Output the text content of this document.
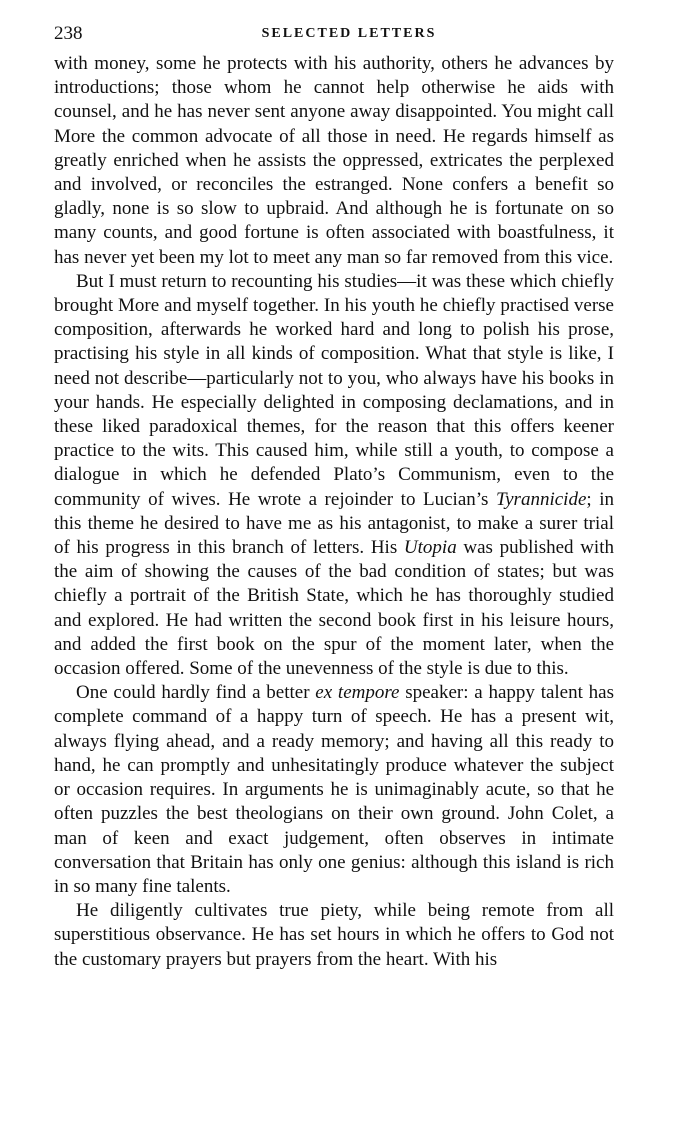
238	SELECTED LETTERS

with money, some he protects with his authority, others he advances by introductions; those whom he cannot help otherwise he aids with counsel, and he has never sent anyone away disappointed. You might call More the common advocate of all those in need. He regards himself as greatly enriched when he assists the oppressed, extricates the perplexed and involved, or reconciles the estranged. None confers a benefit so gladly, none is so slow to upbraid. And although he is fortunate on so many counts, and good fortune is often associated with boastfulness, it has never yet been my lot to meet any man so far removed from this vice.

But I must return to recounting his studies—it was these which chiefly brought More and myself together. In his youth he chiefly practised verse composition, afterwards he worked hard and long to polish his prose, practising his style in all kinds of composition. What that style is like, I need not describe—particularly not to you, who always have his books in your hands. He especially delighted in composing declamations, and in these liked paradoxical themes, for the reason that this offers keener practice to the wits. This caused him, while still a youth, to compose a dialogue in which he defended Plato’s Communism, even to the community of wives. He wrote a rejoinder to Lucian’s Tyrannicide; in this theme he desired to have me as his antagonist, to make a surer trial of his progress in this branch of letters. His Utopia was published with the aim of showing the causes of the bad condition of states; but was chiefly a portrait of the British State, which he has thoroughly studied and explored. He had written the second book first in his leisure hours, and added the first book on the spur of the moment later, when the occasion offered. Some of the unevenness of the style is due to this.

One could hardly find a better ex tempore speaker: a happy talent has complete command of a happy turn of speech. He has a present wit, always flying ahead, and a ready memory; and having all this ready to hand, he can promptly and unhesitatingly produce whatever the subject or occasion requires. In arguments he is unimaginably acute, so that he often puzzles the best theologians on their own ground. John Colet, a man of keen and exact judgement, often observes in intimate conversation that Britain has only one genius: although this island is rich in so many fine talents.

He diligently cultivates true piety, while being remote from all superstitious observance. He has set hours in which he offers to God not the customary prayers but prayers from the heart. With his
